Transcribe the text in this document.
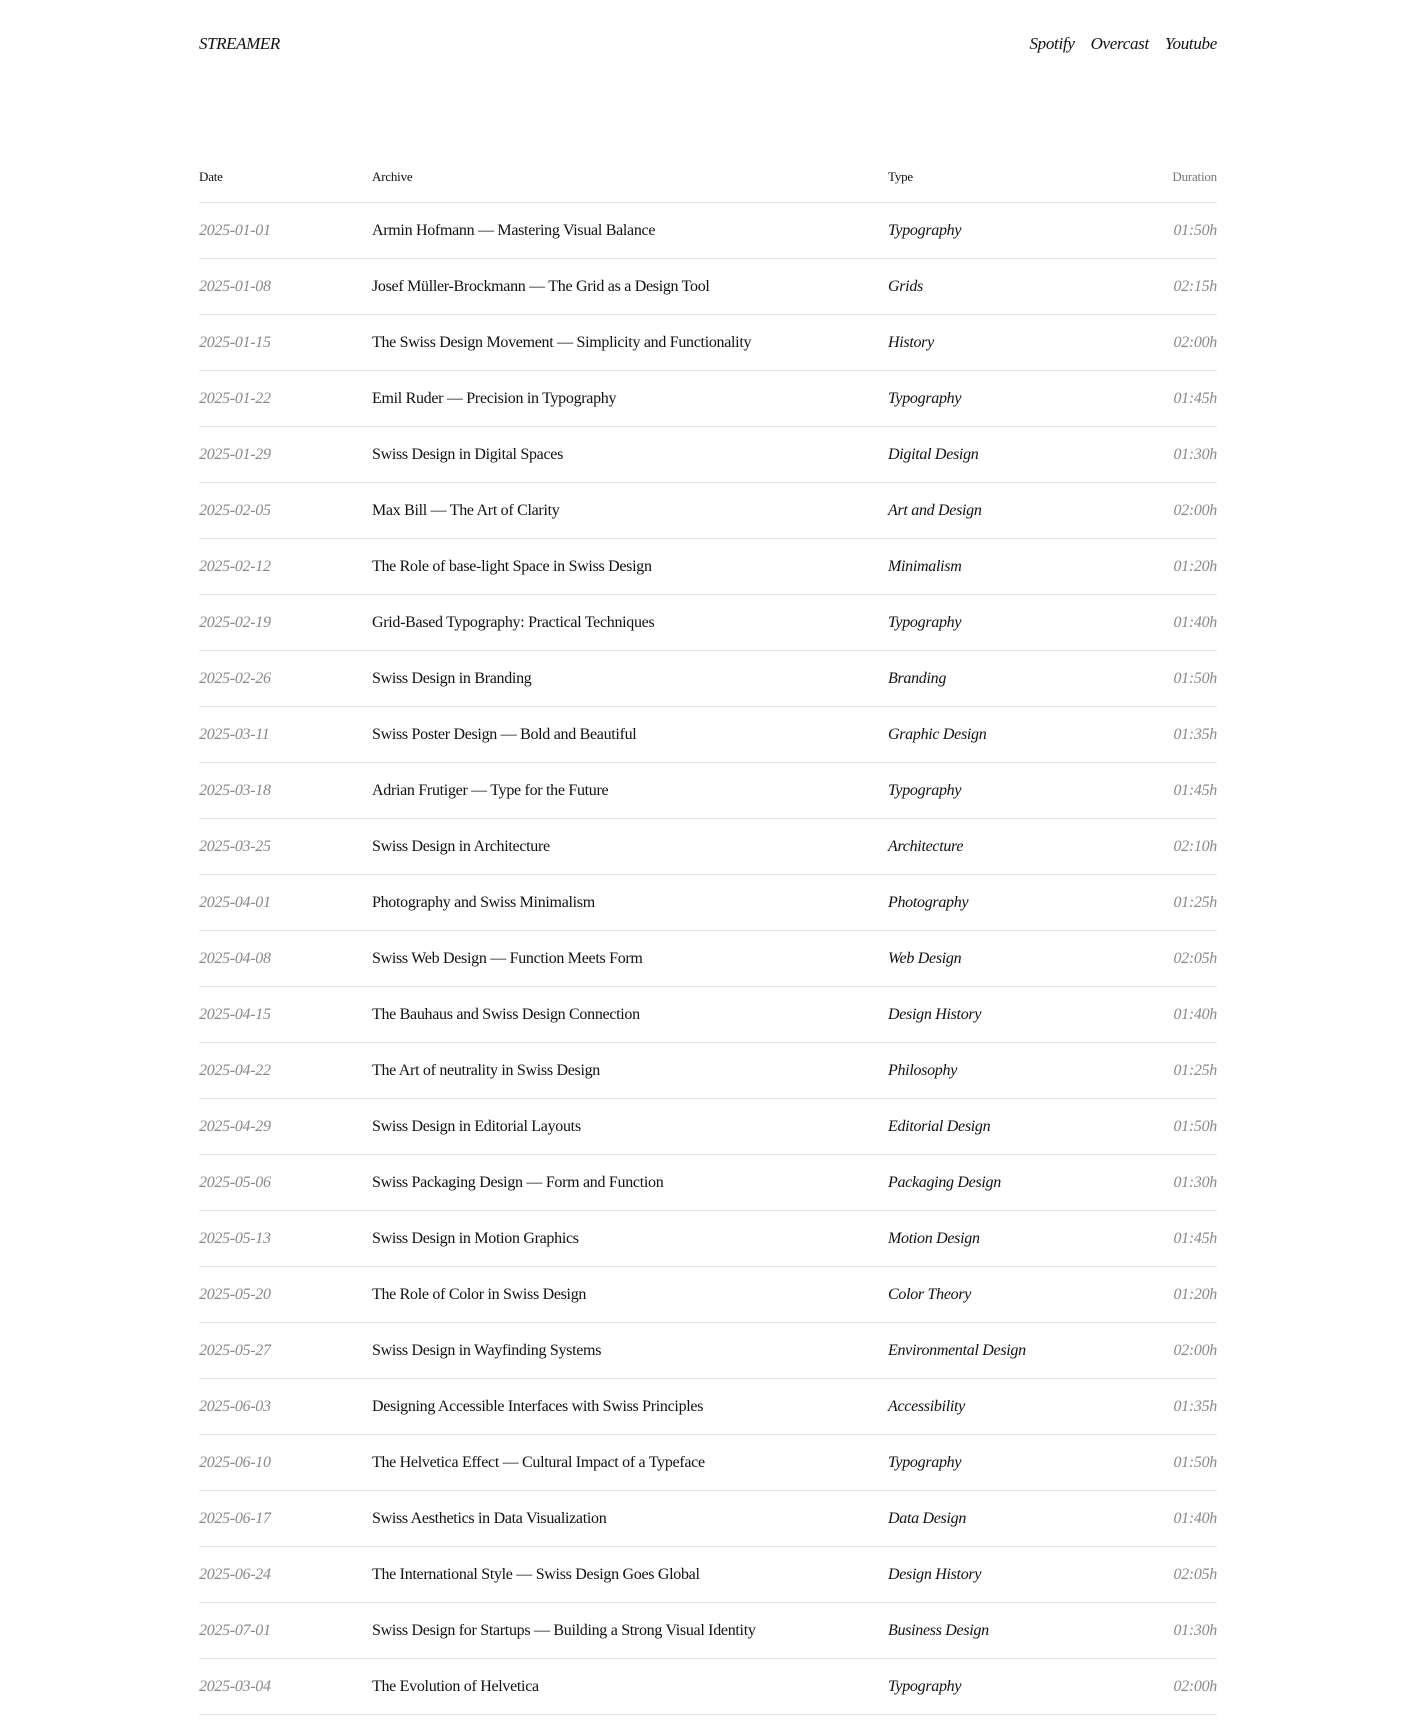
STREAMER	Spotify Overcast Youtube
Date	Archive	Type	Duration
2025-01-01	Armin Hofmann — Mastering Visual Balance	Typography	01:50h
2025-01-08	Josef Müller-Brockmann — The Grid as a Design Tool	Grids	02:15h
2025-01-15	The Swiss Design Movement — Simplicity and Functionality	History	02:00h
2025-01-22	Emil Ruder — Precision in Typography	Typography	01:45h
2025-01-29	Swiss Design in Digital Spaces	Digital Design	01:30h
2025-02-05	Max Bill — The Art of Clarity	Art and Design	02:00h
2025-02-12	The Role of base-light Space in Swiss Design	Minimalism	01:20h
2025-02-19	Grid-Based Typography: Practical Techniques	Typography	01:40h
2025-02-26	Swiss Design in Branding	Branding	01:50h
2025-03-11	Swiss Poster Design — Bold and Beautiful	Graphic Design	01:35h
2025-03-18	Adrian Frutiger — Type for the Future	Typography	01:45h
2025-03-25	Swiss Design in Architecture	Architecture	02:10h
2025-04-01	Photography and Swiss Minimalism	Photography	01:25h
2025-04-08	Swiss Web Design — Function Meets Form	Web Design	02:05h
2025-04-15	The Bauhaus and Swiss Design Connection	Design History	01:40h
2025-04-22	The Art of neutrality in Swiss Design	Philosophy	01:25h
2025-04-29	Swiss Design in Editorial Layouts	Editorial Design	01:50h
2025-05-06	Swiss Packaging Design — Form and Function	Packaging Design	01:30h
2025-05-13	Swiss Design in Motion Graphics	Motion Design	01:45h
2025-05-20	The Role of Color in Swiss Design	Color Theory	01:20h
2025-05-27	Swiss Design in Wayfinding Systems	Environmental Design	02:00h
2025-06-03	Designing Accessible Interfaces with Swiss Principles	Accessibility	01:35h
2025-06-10	The Helvetica Effect — Cultural Impact of a Typeface	Typography	01:50h
2025-06-17	Swiss Aesthetics in Data Visualization	Data Design	01:40h
2025-06-24	The International Style — Swiss Design Goes Global	Design History	02:05h
2025-07-01	Swiss Design for Startups — Building a Strong Visual Identity	Business Design	01:30h
2025-03-04	The Evolution of Helvetica	Typography	02:00h
